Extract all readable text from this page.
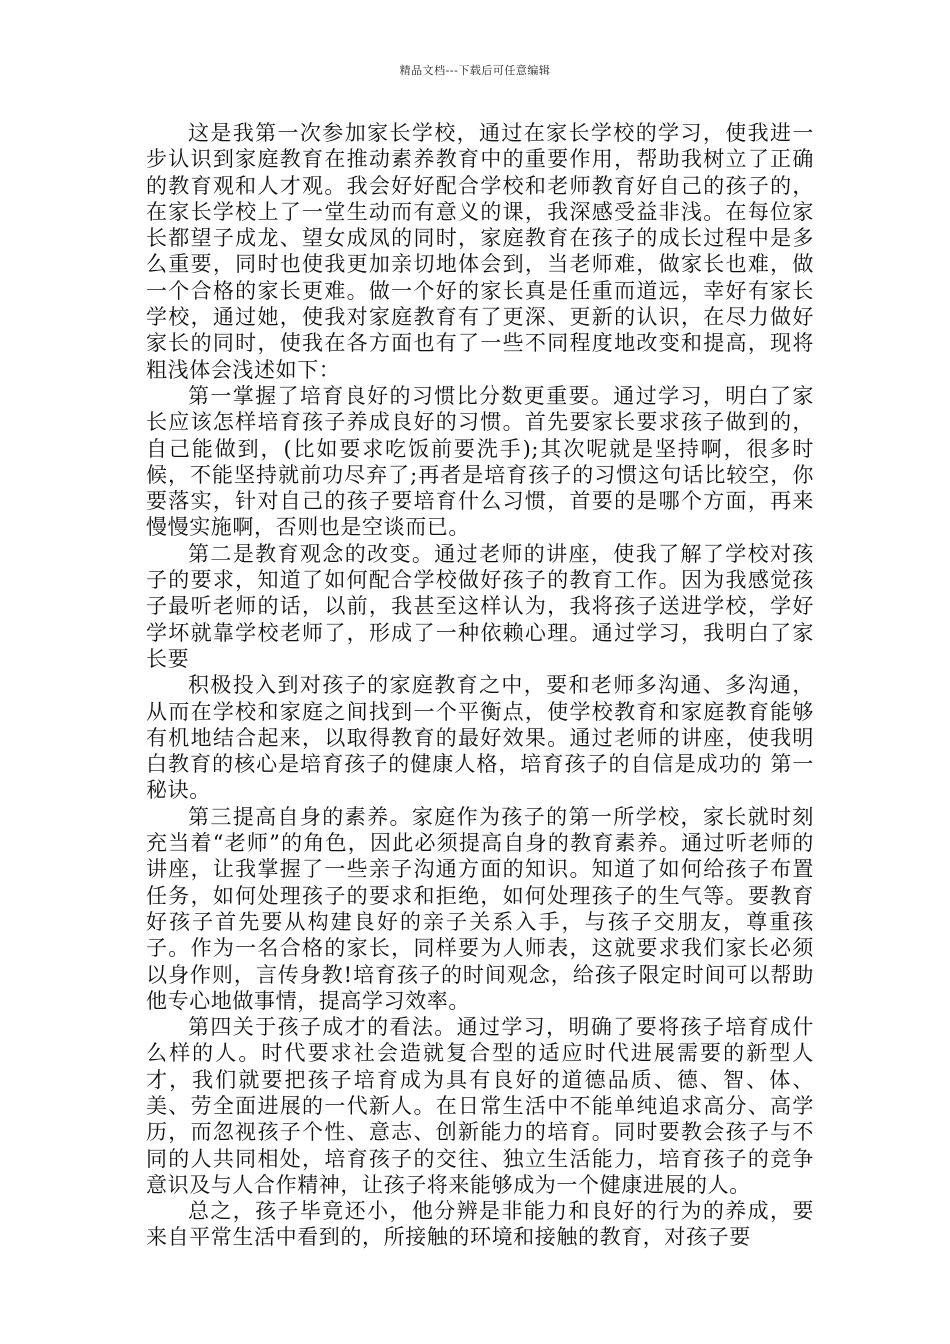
精品文档---下载后可任意编辑

这是我第一次参加家长学校，通过在家长学校的学习，使我进一步认识到家庭教育在推动素养教育中的重要作用，帮助我树立了正确的教育观和人才观。我会好好配合学校和老师教育好自己的孩子的，在家长学校上了一堂生动而有意义的课，我深感受益非浅。在每位家长都望子成龙、望女成凤的同时，家庭教育在孩子的成长过程中是多么重要，同时也使我更加亲切地体会到，当老师难，做家长也难，做一个合格的家长更难。做一个好的家长真是任重而道远，幸好有家长学校，通过她，使我对家庭教育有了更深、更新的认识，在尽力做好家长的同时，使我在各方面也有了一些不同程度地改变和提高，现将粗浅体会浅述如下：

第一掌握了培育良好的习惯比分数更重要。通过学习，明白了家长应该怎样培育孩子养成良好的习惯。首先要家长要求孩子做到的，自己能做到，(比如要求吃饭前要洗手);其次呢就是坚持啊，很多时候，不能坚持就前功尽弃了;再者是培育孩子的习惯这句话比较空，你要落实，针对自己的孩子要培育什么习惯，首要的是哪个方面，再来慢慢实施啊，否则也是空谈而已。

第二是教育观念的改变。通过老师的讲座，使我了解了学校对孩子的要求，知道了如何配合学校做好孩子的教育工作。因为我感觉孩子最听老师的话，以前，我甚至这样认为，我将孩子送进学校，学好学坏就靠学校老师了，形成了一种依赖心理。通过学习，我明白了家长要

积极投入到对孩子的家庭教育之中，要和老师多沟通、多沟通，从而在学校和家庭之间找到一个平衡点，使学校教育和家庭教育能够有机地结合起来，以取得教育的最好效果。通过老师的讲座，使我明白教育的核心是培育孩子的健康人格，培育孩子的自信是成功的 第一秘诀。

第三提高自身的素养。家庭作为孩子的第一所学校，家长就时刻充当着“老师”的角色，因此必须提高自身的教育素养。通过听老师的讲座，让我掌握了一些亲子沟通方面的知识。知道了如何给孩子布置任务，如何处理孩子的要求和拒绝，如何处理孩子的生气等。要教育好孩子首先要从构建良好的亲子关系入手，与孩子交朋友，尊重孩子。作为一名合格的家长，同样要为人师表，这就要求我们家长必须以身作则，言传身教!培育孩子的时间观念，给孩子限定时间可以帮助他专心地做事情，提高学习效率。

第四关于孩子成才的看法。通过学习，明确了要将孩子培育成什么样的人。时代要求社会造就复合型的适应时代进展需要的新型人才，我们就要把孩子培育成为具有良好的道德品质、德、智、体、美、劳全面进展的一代新人。在日常生活中不能单纯追求高分、高学历，而忽视孩子个性、意志、创新能力的培育。同时要教会孩子与不同的人共同相处，培育孩子的交往、独立生活能力，培育孩子的竞争意识及与人合作精神，让孩子将来能够成为一个健康进展的人。

总之，孩子毕竟还小，他分辨是非能力和良好的行为的养成，要来自平常生活中看到的，所接触的环境和接触的教育，对孩子要
